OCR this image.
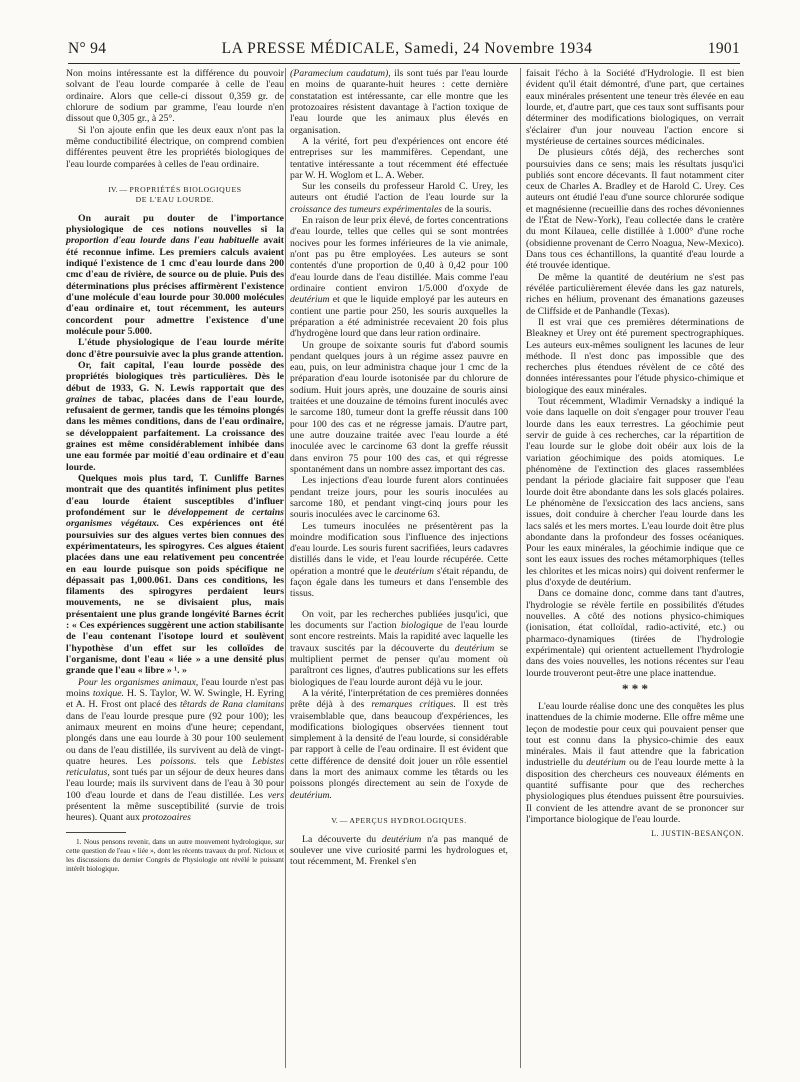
N° 94	LA PRESSE MÉDICALE, Samedi, 24 Novembre 1934	1901

Non moins intéressante est la différence du pouvoir solvant de l'eau lourde comparée à celle de l'eau ordinaire. Alors que celle-ci dissout 0,359 gr. de chlorure de sodium par gramme, l'eau lourde n'en dissout que 0,305 gr., à 25°.

Si l'on ajoute enfin que les deux eaux n'ont pas la même conductibilité électrique, on comprend combien différentes peuvent être les propriétés biologiques de l'eau lourde comparées à celles de l'eau ordinaire.

IV. — PROPRIÉTÉS BIOLOGIQUES
DE L'EAU LOURDE.

On aurait pu douter de l'importance physiologique de ces notions nouvelles si la proportion d'eau lourde dans l'eau habituelle avait été reconnue infime. Les premiers calculs avaient indiqué l'existence de 1 cmc d'eau lourde dans 200 cmc d'eau de rivière, de source ou de pluie. Puis des déterminations plus précises affirmèrent l'existence d'une molécule d'eau lourde pour 30.000 molécules d'eau ordinaire et, tout récemment, les auteurs concordent pour admettre l'existence d'une molécule pour 5.000.

L'étude physiologique de l'eau lourde mérite donc d'être poursuivie avec la plus grande attention.

Or, fait capital, l'eau lourde possède des propriétés biologiques très particulières. Dès le début de 1933, G. N. Lewis rapportait que des graines de tabac, placées dans de l'eau lourde, refusaient de germer, tandis que les témoins plongés dans les mêmes conditions, dans de l'eau ordinaire, se développaient parfaitement. La croissance des graines est même considérablement inhibée dans une eau formée par moitié d'eau ordinaire et d'eau lourde.

Quelques mois plus tard, T. Cunliffe Barnes montrait que des quantités infiniment plus petites d'eau lourde étaient susceptibles d'influer profondément sur le développement de certains organismes végétaux. Ces expériences ont été poursuivies sur des algues vertes bien connues des expérimentateurs, les spirogyres. Ces algues étaient placées dans une eau relativement peu concentrée en eau lourde puisque son poids spécifique ne dépassait pas 1,000.061. Dans ces conditions, les filaments des spirogyres perdaient leurs mouvements, ne se divisaient plus, mais présentaient une plus grande longévité Barnes écrit : « Ces expériences suggèrent une action stabilisante de l'eau contenant l'isotope lourd et soulèvent l'hypothèse d'un effet sur les colloïdes de l'organisme, dont l'eau « liée » a une densité plus grande que l'eau « libre » ¹. »

Pour les organismes animaux, l'eau lourde n'est pas moins toxique. H. S. Taylor, W. W. Swingle, H. Eyring et A. H. Frost ont placé des têtards de Rana clamitans dans de l'eau lourde presque pure (92 pour 100); les animaux meurent en moins d'une heure; cependant, plongés dans une eau lourde à 30 pour 100 seulement ou dans de l'eau distillée, ils survivent au delà de vingt-quatre heures. Les poissons. tels que Lebistes reticulatus, sont tués par un séjour de deux heures dans l'eau lourde; mais ils survivent dans de l'eau à 30 pour 100 d'eau lourde et dans de l'eau distillée. Les vers présentent la même susceptibilité (survie de trois heures). Quant aux protozoaires

1. Nous pensons revenir, dans un autre mouvement hydrologique, sur cette question de l'eau « liée », dont les récents travaux du prof. Nicloux et les discussions du dernier Congrès de Physiologie ont révélé le puissant intérêt biologique.

(Paramecium caudatum), ils sont tués par l'eau lourde en moins de quarante-huit heures : cette dernière constatation est intéressante, car elle montre que les protozoaires résistent davantage à l'action toxique de l'eau lourde que les animaux plus élevés en organisation.

A la vérité, fort peu d'expériences ont encore été entreprises sur les mammifères. Cependant, une tentative intéressante a tout récemment été effectuée par W. H. Woglom et L. A. Weber.

Sur les conseils du professeur Harold C. Urey, les auteurs ont étudié l'action de l'eau lourde sur la croissance des tumeurs expérimentales de la souris.

En raison de leur prix élevé, de fortes concentrations d'eau lourde, telles que celles qui se sont montrées nocives pour les formes inférieures de la vie animale, n'ont pas pu être employées. Les auteurs se sont contentés d'une proportion de 0,40 à 0,42 pour 100 d'eau lourde dans de l'eau distillée. Mais comme l'eau ordinaire contient environ 1/5.000 d'oxyde de deutérium et que le liquide employé par les auteurs en contient une partie pour 250, les souris auxquelles la préparation a été administrée recevaient 20 fois plus d'hydrogène lourd que dans leur ration ordinaire.

Un groupe de soixante souris fut d'abord soumis pendant quelques jours à un régime assez pauvre en eau, puis, on leur administra chaque jour 1 cmc de la préparation d'eau lourde isotonisée par du chlorure de sodium. Huit jours après, une douzaine de souris ainsi traitées et une douzaine de témoins furent inoculés avec le sarcome 180, tumeur dont la greffe réussit dans 100 pour 100 des cas et ne régresse jamais. D'autre part, une autre douzaine traitée avec l'eau lourde a été inoculée avec le carcinome 63 dont la greffe réussit dans environ 75 pour 100 des cas, et qui régresse spontanément dans un nombre assez important des cas.

Les injections d'eau lourde furent alors continuées pendant treize jours, pour les souris inoculées au sarcome 180, et pendant vingt-cinq jours pour les souris inoculées avec le carcinome 63.

Les tumeurs inoculées ne présentèrent pas la moindre modification sous l'influence des injections d'eau lourde. Les souris furent sacrifiées, leurs cadavres distillés dans le vide, et l'eau lourde récupérée. Cette opération a montré que le deutérium s'était répandu, de façon égale dans les tumeurs et dans l'ensemble des tissus.

On voit, par les recherches publiées jusqu'ici, que les documents sur l'action biologique de l'eau lourde sont encore restreints. Mais la rapidité avec laquelle les travaux suscités par la découverte du deutérium se multiplient permet de penser qu'au moment où paraîtront ces lignes, d'autres publications sur les effets biologiques de l'eau lourde auront déjà vu le jour.

A la vérité, l'interprétation de ces premières données prête déjà à des remarques critiques. Il est très vraisemblable que, dans beaucoup d'expériences, les modifications biologiques observées tiennent tout simplement à la densité de l'eau lourde, si considérable par rapport à celle de l'eau ordinaire. Il est évident que cette différence de densité doit jouer un rôle essentiel dans la mort des animaux comme les têtards ou les poissons plongés directement au sein de l'oxyde de deutérium.

V. — APERÇUS HYDROLOGIQUES.

La découverte du deutérium n'a pas manqué de soulever une vive curiosité parmi les hydrologues et, tout récemment, M. Frenkel s'en

faisait l'écho à la Société d'Hydrologie. Il est bien évident qu'il était démontré, d'une part, que certaines eaux minérales présentent une teneur très élevée en eau lourde, et, d'autre part, que ces taux sont suffisants pour déterminer des modifications biologiques, on verrait s'éclairer d'un jour nouveau l'action encore si mystérieuse de certaines sources médicinales.

De plusieurs côtés déjà, des recherches sont poursuivies dans ce sens; mais les résultats jusqu'ici publiés sont encore décevants. Il faut notamment citer ceux de Charles A. Bradley et de Harold C. Urey. Ces auteurs ont étudié l'eau d'une source chlorurée sodique et magnésienne (recueillie dans des roches dévoniennes de l'État de New-York), l'eau collectée dans le cratère du mont Kilauea, celle distillée à 1.000° d'une roche (obsidienne provenant de Cerro Noagua, New-Mexico). Dans tous ces échantillons, la quantité d'eau lourde a été trouvée identique.

De même la quantité de deutérium ne s'est pas révélée particulièrement élevée dans les gaz naturels, riches en hélium, provenant des émanations gazeuses de Cliffside et de Panhandle (Texas).

Il est vrai que ces premières déterminations de Bleakney et Urey ont été purement spectrographiques. Les auteurs eux-mêmes soulignent les lacunes de leur méthode. Il n'est donc pas impossible que des recherches plus étendues révèlent de ce côté des données intéressantes pour l'étude physico-chimique et biologique des eaux minérales.

Tout récemment, Wladimir Vernadsky a indiqué la voie dans laquelle on doit s'engager pour trouver l'eau lourde dans les eaux terrestres. La géochimie peut servir de guide à ces recherches, car la répartition de l'eau lourde sur le globe doit obéir aux lois de la variation géochimique des poids atomiques. Le phénomène de l'extinction des glaces rassemblées pendant la période glaciaire fait supposer que l'eau lourde doit être abondante dans les sols glacés polaires. Le phénomène de l'exsiccation des lacs anciens, sans issues, doit conduire à chercher l'eau lourde dans les lacs salés et les mers mortes. L'eau lourde doit être plus abondante dans la profondeur des fosses océaniques. Pour les eaux minérales, la géochimie indique que ce sont les eaux issues des roches métamorphiques (telles les chlorites et les micas noirs) qui doivent renfermer le plus d'oxyde de deutérium.

Dans ce domaine donc, comme dans tant d'autres, l'hydrologie se révèle fertile en possibilités d'études nouvelles. A côté des notions physico-chimiques (ionisation, état colloïdal, radio-activité, etc.) ou pharmaco-dynamiques (tirées de l'hydrologie expérimentale) qui orientent actuellement l'hydrologie dans des voies nouvelles, les notions récentes sur l'eau lourde trouveront peut-être une place inattendue.

* * *

L'eau lourde réalise donc une des conquêtes les plus inattendues de la chimie moderne. Elle offre même une leçon de modestie pour ceux qui pouvaient penser que tout est connu dans la physico-chimie des eaux minérales. Mais il faut attendre que la fabrication industrielle du deutérium ou de l'eau lourde mette à la disposition des chercheurs ces nouveaux éléments en quantité suffisante pour que des recherches physiologiques plus étendues puissent être poursuivies. Il convient de les attendre avant de se prononcer sur l'importance biologique de l'eau lourde.

L. JUSTIN-BESANÇON.
